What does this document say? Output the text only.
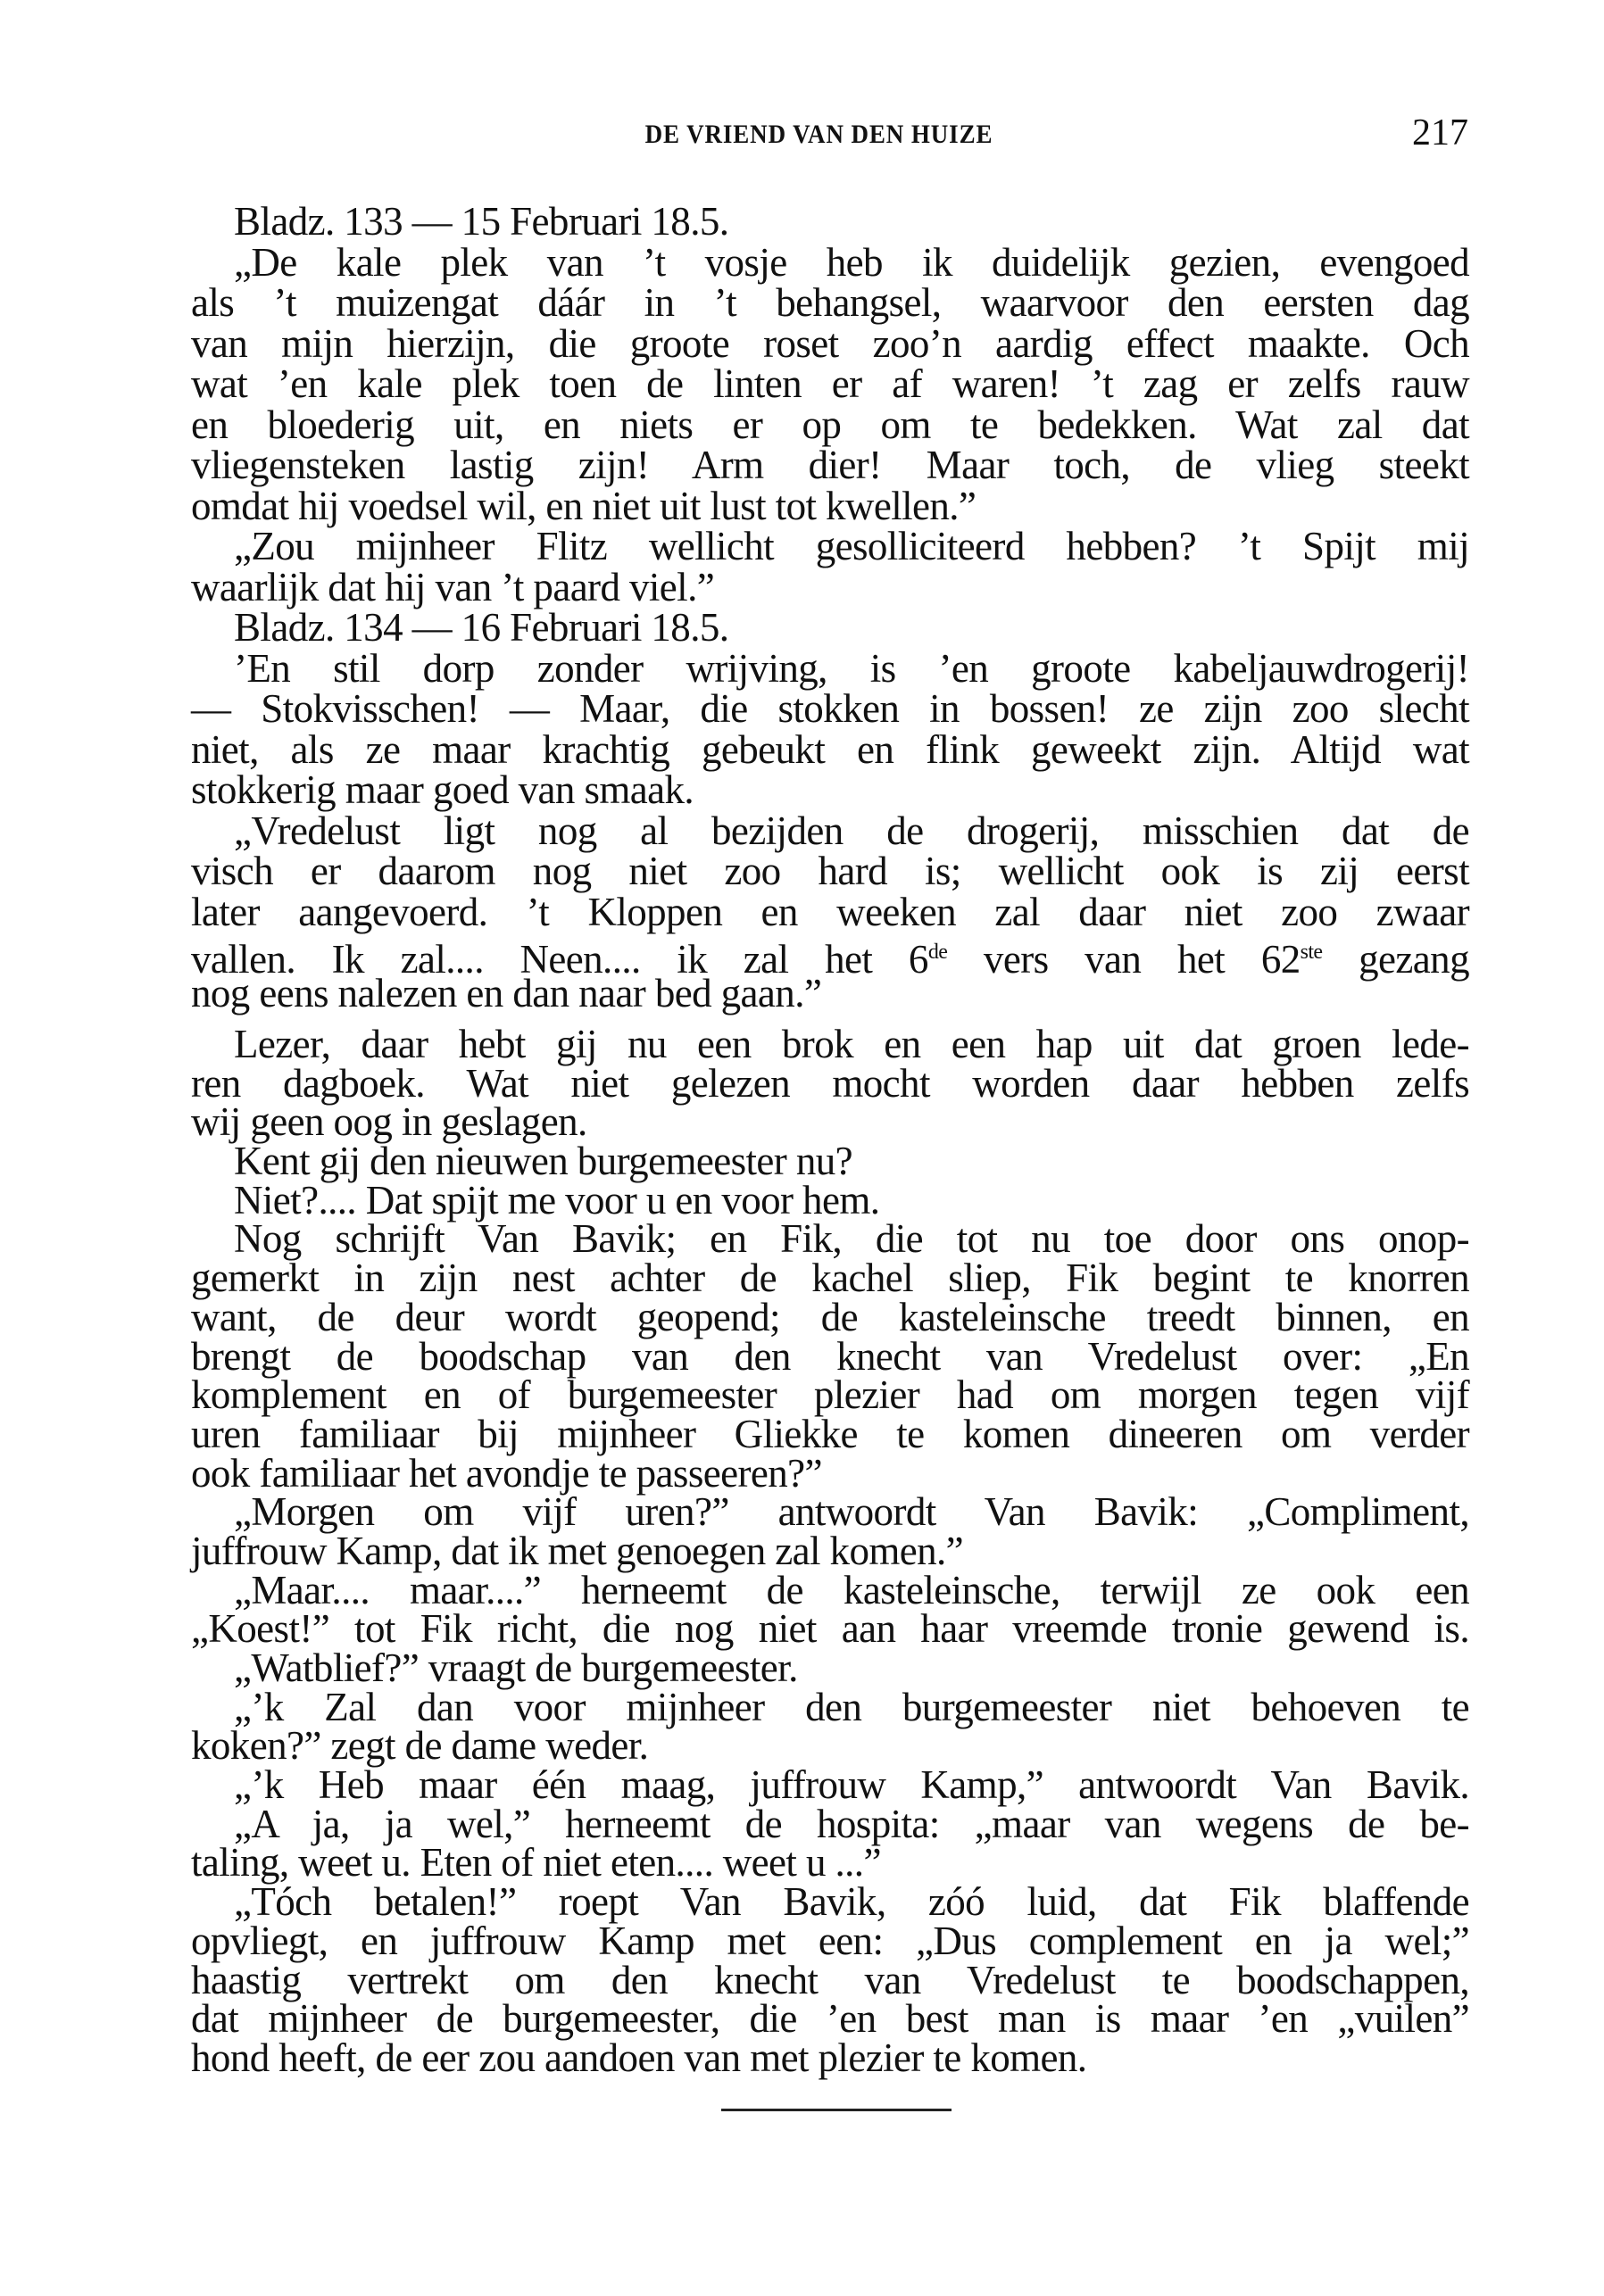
DE VRIEND VAN DEN HUIZE	217
Bladz. 133 — 15 Februari 18.5.
„De kale plek van ’t vosje heb ik duidelijk gezien, evengoed
als ’t muizengat dáár in ’t behangsel, waarvoor den eersten dag
van mijn hierzijn, die groote roset zoo’n aardig effect maakte. Och
wat ’en kale plek toen de linten er af waren! ’t zag er zelfs rauw
en bloederig uit, en niets er op om te bedekken. Wat zal dat
vliegensteken lastig zijn! Arm dier! Maar toch, de vlieg steekt
omdat hij voedsel wil, en niet uit lust tot kwellen.”
„Zou mijnheer Flitz wellicht gesolliciteerd hebben? ’t Spijt mij
waarlijk dat hij van ’t paard viel.”
Bladz. 134 — 16 Februari 18.5.
’En stil dorp zonder wrijving, is ’en groote kabeljauwdrogerij!
— Stokvisschen! — Maar, die stokken in bossen! ze zijn zoo slecht
niet, als ze maar krachtig gebeukt en flink geweekt zijn. Altijd wat
stokkerig maar goed van smaak.
„Vredelust ligt nog al bezijden de drogerij, misschien dat de
visch er daarom nog niet zoo hard is; wellicht ook is zij eerst
later aangevoerd. ’t Kloppen en weeken zal daar niet zoo zwaar
vallen. Ik zal.... Neen.... ik zal het 6de vers van het 62ste gezang
nog eens nalezen en dan naar bed gaan.”
Lezer, daar hebt gij nu een brok en een hap uit dat groen lede-
ren dagboek. Wat niet gelezen mocht worden daar hebben zelfs
wij geen oog in geslagen.
Kent gij den nieuwen burgemeester nu?
Niet?.... Dat spijt me voor u en voor hem.
Nog schrijft Van Bavik; en Fik, die tot nu toe door ons onop-
gemerkt in zijn nest achter de kachel sliep, Fik begint te knorren
want, de deur wordt geopend; de kasteleinsche treedt binnen, en
brengt de boodschap van den knecht van Vredelust over: „En
komplement en of burgemeester plezier had om morgen tegen vijf
uren familiaar bij mijnheer Gliekke te komen dineeren om verder
ook familiaar het avondje te passeeren?”
„Morgen om vijf uren?” antwoordt Van Bavik: „Compliment,
juffrouw Kamp, dat ik met genoegen zal komen.”
„Maar.... maar....” herneemt de kasteleinsche, terwijl ze ook een
„Koest!” tot Fik richt, die nog niet aan haar vreemde tronie gewend is.
„Watblief?” vraagt de burgemeester.
„’k Zal dan voor mijnheer den burgemeester niet behoeven te
koken?” zegt de dame weder.
„’k Heb maar één maag, juffrouw Kamp,” antwoordt Van Bavik.
„A ja, ja wel,” herneemt de hospita: „maar van wegens de be-
taling, weet u. Eten of niet eten.... weet u ...”
„Tóch betalen!” roept Van Bavik, zóó luid, dat Fik blaffende
opvliegt, en juffrouw Kamp met een: „Dus complement en ja wel;”
haastig vertrekt om den knecht van Vredelust te boodschappen,
dat mijnheer de burgemeester, die ’en best man is maar ’en „vuilen”
hond heeft, de eer zou aandoen van met plezier te komen.
